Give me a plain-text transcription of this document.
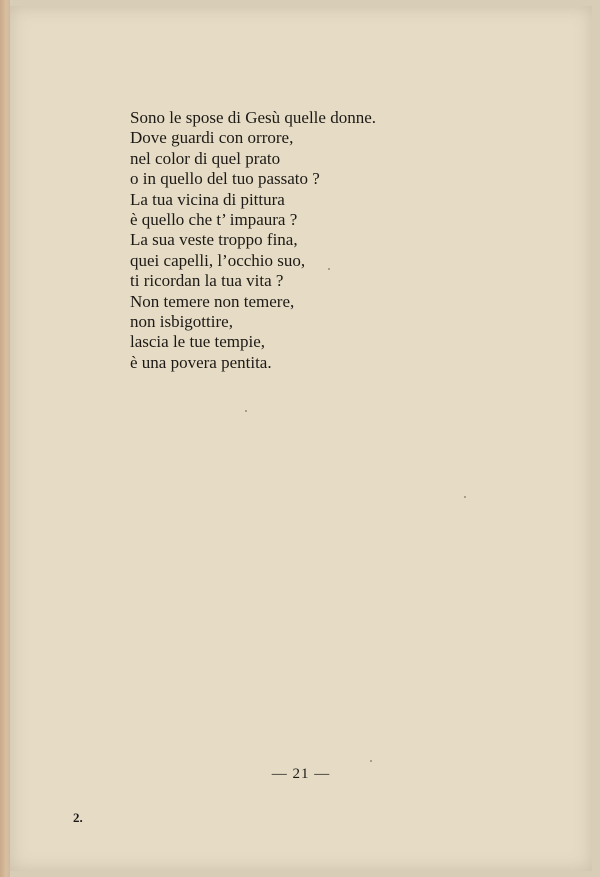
Sono le spose di Gesù quelle donne.
Dove guardi con orrore,
nel color di quel prato
o in quello del tuo passato ?
La tua vicina di pittura
è quello che t’ impaura ?
La sua veste troppo fina,
quei capelli, l’occhio suo,
ti ricordan la tua vita ?
Non temere non temere,
non isbigottire,
lascia le tue tempie,
è una povera pentita.
— 21 —
2.
